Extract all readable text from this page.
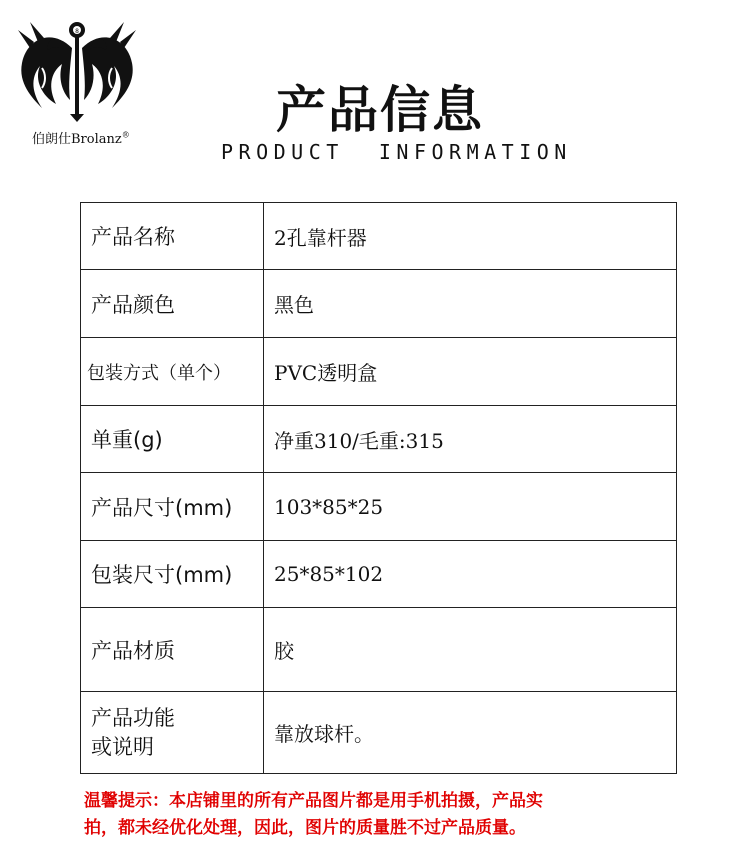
8
伯朗仕Brolanz®	产品信息
PRODUCT  INFORMATION
产品名称	2孔靠杆器
产品颜色	黑色
包装方式（单个）	PVC透明盒
单重(g)	净重310/毛重:315
产品尺寸(mm)	103*85*25
包装尺寸(mm)	25*85*102
产品材质	胶

产品功能
或说明	靠放球杆。
温馨提示：本店铺里的所有产品图片都是用手机拍摄，产品实
拍，都未经优化处理，因此，图片的质量胜不过产品质量。
